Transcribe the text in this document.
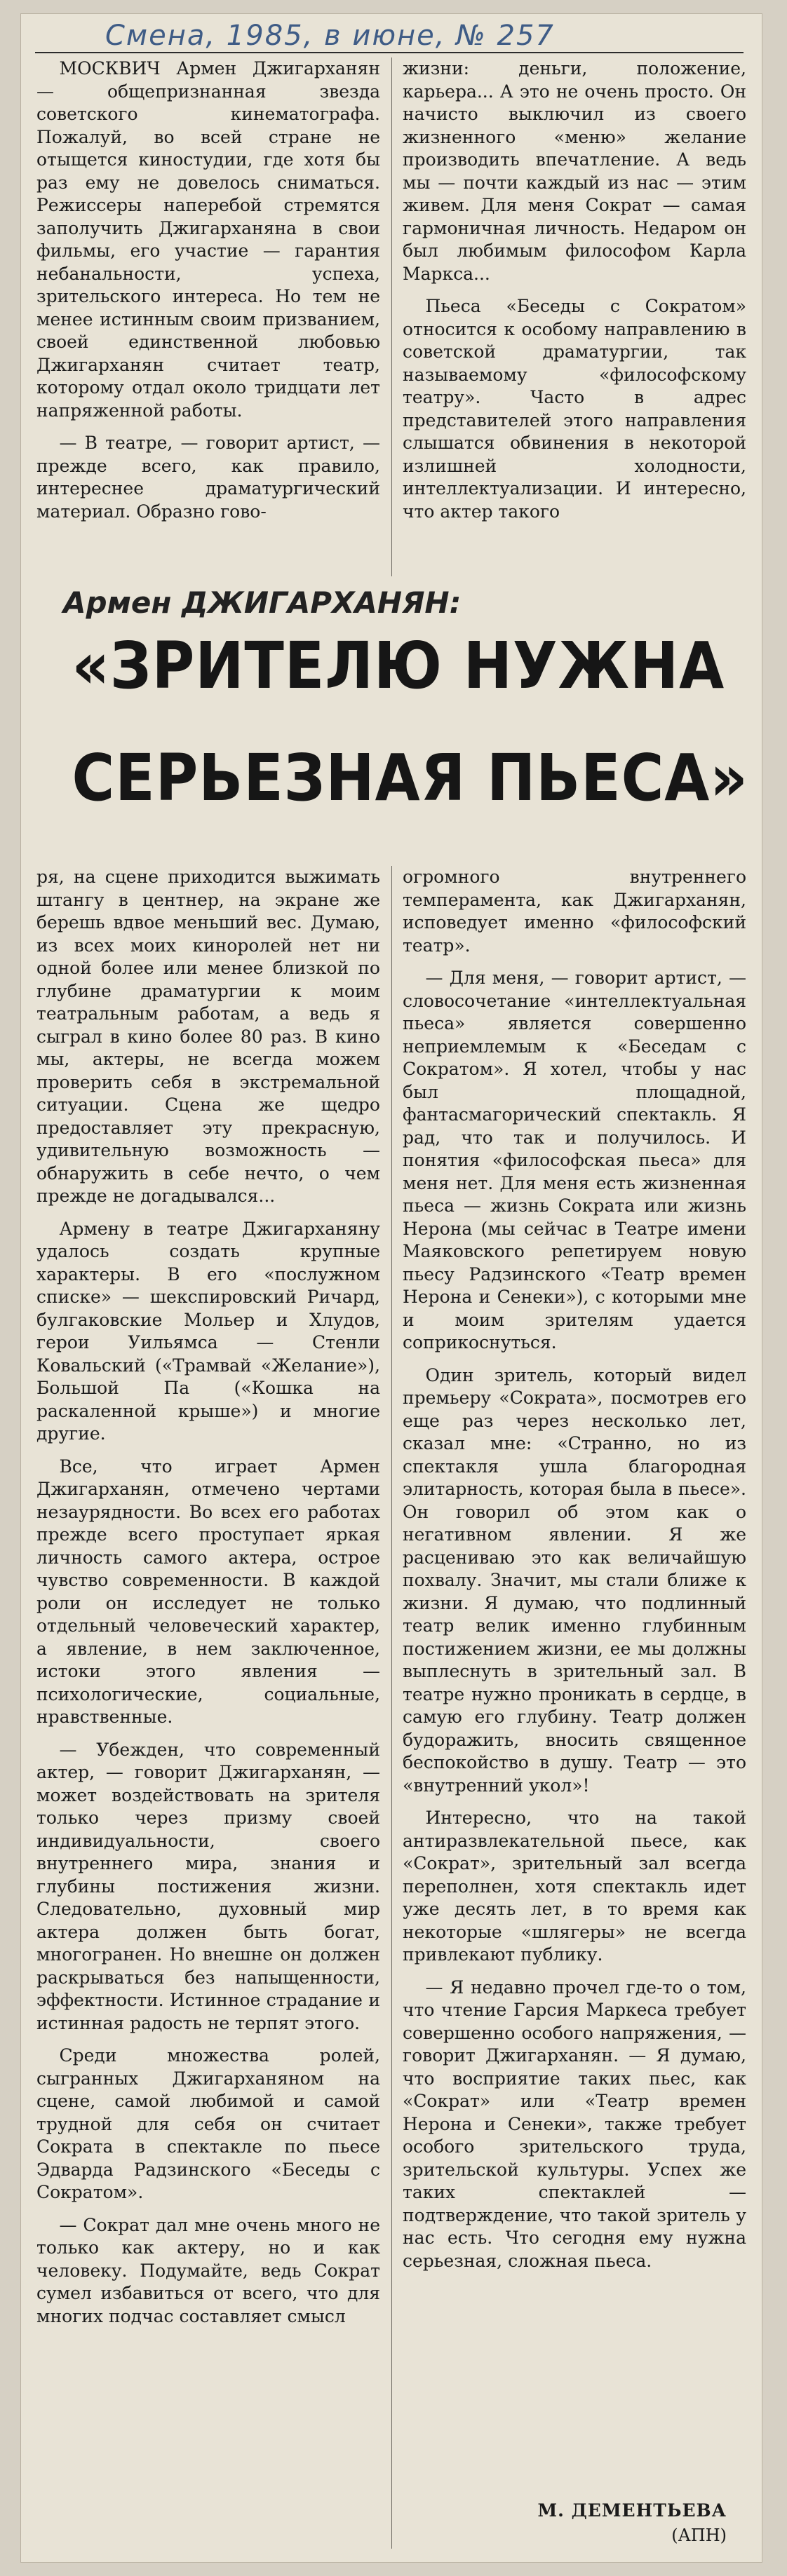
Смена, 1985, в июне, № 257

МОСКВИЧ Армен Джигарханян — общепризнанная звезда советского кинематографа. Пожалуй, во всей стране не отыщется киностудии, где хотя бы раз ему не довелось сниматься. Режиссеры наперебой стремятся заполучить Джигарханяна в свои фильмы, его участие — гарантия небанальности, успеха, зрительского интереса. Но тем не менее истинным своим призванием, своей единственной любовью Джигарханян считает театр, которому отдал около тридцати лет напряженной работы.

— В театре, — говорит артист, — прежде всего, как правило, интереснее драматургический материал. Образно гово-

жизни: деньги, положение, карьера... А это не очень просто. Он начисто выключил из своего жизненного «меню» желание производить впечатление. А ведь мы — почти каждый из нас — этим живем. Для меня Сократ — самая гармоничная личность. Недаром он был любимым философом Карла Маркса...

Пьеса «Беседы с Сократом» относится к особому направлению в советской драматургии, так называемому «философскому театру». Часто в адрес представителей этого направления слышатся обвинения в некоторой излишней холодности, интеллектуализации. И интересно, что актер такого

Армен ДЖИГАРХАНЯН:
«ЗРИТЕЛЮ НУЖНА
СЕРЬЕЗНАЯ ПЬЕСА»

ря, на сцене приходится выжимать штангу в центнер, на экране же берешь вдвое меньший вес. Думаю, из всех моих киноролей нет ни одной более или менее близкой по глубине драматургии к моим театральным работам, а ведь я сыграл в кино более 80 раз. В кино мы, актеры, не всегда можем проверить себя в экстремальной ситуации. Сцена же щедро предоставляет эту прекрасную, удивительную возможность — обнаружить в себе нечто, о чем прежде не догадывался...

Армену в театре Джигарханяну удалось создать крупные характеры. В его «послужном списке» — шекспировский Ричард, булгаковские Мольер и Хлудов, герои Уильямса — Стенли Ковальский («Трамвай «Желание»), Большой Па («Кошка на раскаленной крыше») и многие другие.

Все, что играет Армен Джигарханян, отмечено чертами незаурядности. Во всех его работах прежде всего проступает яркая личность самого актера, острое чувство современности. В каждой роли он исследует не только отдельный человеческий характер, а явление, в нем заключенное, истоки этого явления — психологические, социальные, нравственные.

— Убежден, что современный актер, — говорит Джигарханян, — может воздействовать на зрителя только через призму своей индивидуальности, своего внутреннего мира, знания и глубины постижения жизни. Следовательно, духовный мир актера должен быть богат, многогранен. Но внешне он должен раскрываться без напыщенности, эффектности. Истинное страдание и истинная радость не терпят этого.

Среди множества ролей, сыгранных Джигарханяном на сцене, самой любимой и самой трудной для себя он считает Сократа в спектакле по пьесе Эдварда Радзинского «Беседы с Сократом».

— Сократ дал мне очень много не только как актеру, но и как человеку. Подумайте, ведь Сократ сумел избавиться от всего, что для многих подчас составляет смысл

огромного внутреннего темперамента, как Джигарханян, исповедует именно «философский театр».

— Для меня, — говорит артист, — словосочетание «интеллектуальная пьеса» является совершенно неприемлемым к «Беседам с Сократом». Я хотел, чтобы у нас был площадной, фантасмагорический спектакль. Я рад, что так и получилось. И понятия «философская пьеса» для меня нет. Для меня есть жизненная пьеса — жизнь Сократа или жизнь Нерона (мы сейчас в Театре имени Маяковского репетируем новую пьесу Радзинского «Театр времен Нерона и Сенеки»), с которыми мне и моим зрителям удается соприкоснуться.

Один зритель, который видел премьеру «Сократа», посмотрев его еще раз через несколько лет, сказал мне: «Странно, но из спектакля ушла благородная элитарность, которая была в пьесе». Он говорил об этом как о негативном явлении. Я же расцениваю это как величайшую похвалу. Значит, мы стали ближе к жизни. Я думаю, что подлинный театр велик именно глубинным постижением жизни, ее мы должны выплеснуть в зрительный зал. В театре нужно проникать в сердце, в самую его глубину. Театр должен будоражить, вносить священное беспокойство в душу. Театр — это «внутренний укол»!

Интересно, что на такой антиразвлекательной пьесе, как «Сократ», зрительный зал всегда переполнен, хотя спектакль идет уже десять лет, в то время как некоторые «шлягеры» не всегда привлекают публику.

— Я недавно прочел где-то о том, что чтение Гарсия Маркеса требует совершенно особого напряжения, — говорит Джигарханян. — Я думаю, что восприятие таких пьес, как «Сократ» или «Театр времен Нерона и Сенеки», также требует особого зрительского труда, зрительской культуры. Успех же таких спектаклей — подтверждение, что такой зритель у нас есть. Что сегодня ему нужна серьезная, сложная пьеса.

М. ДЕМЕНТЬЕВА
(АПН)
